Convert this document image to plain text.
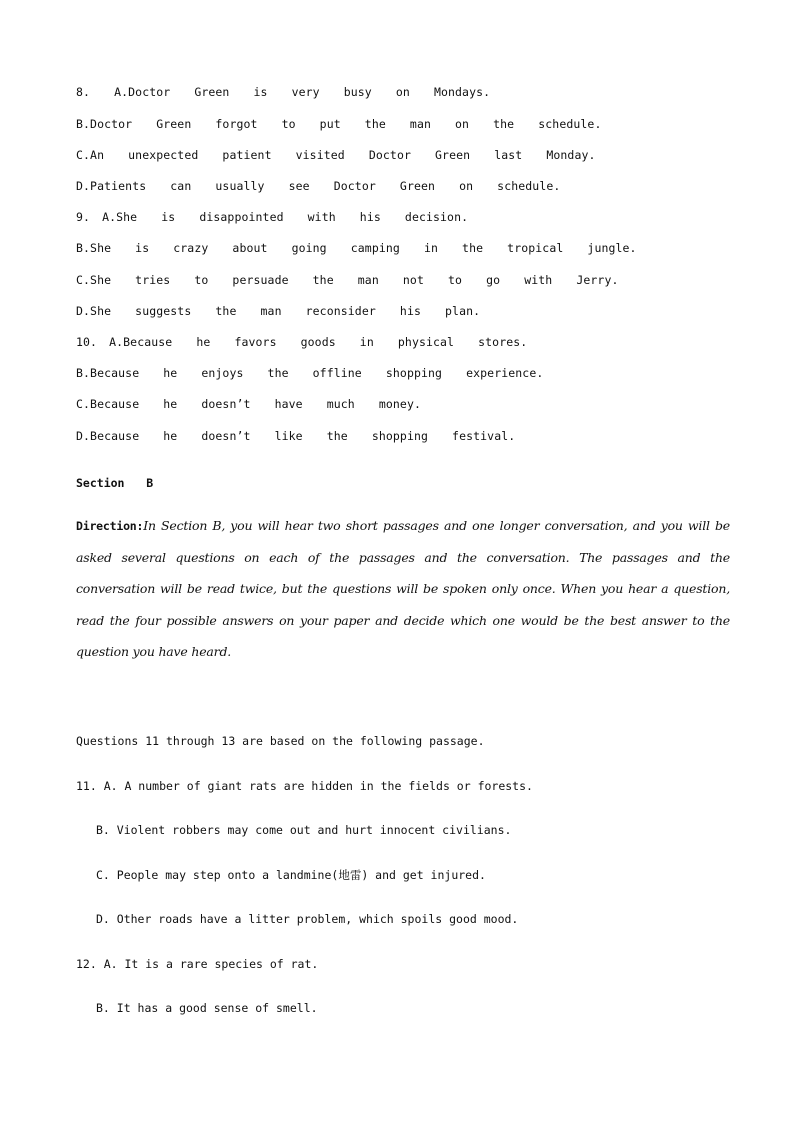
8.  A.Doctor  Green  is  very  busy  on  Mondays.
B.Doctor  Green  forgot  to  put  the  man  on  the  schedule.
C.An  unexpected  patient  visited  Doctor  Green  last  Monday.
D.Patients  can  usually  see  Doctor  Green  on  schedule.
9. A.She  is  disappointed  with  his  decision.
B.She  is  crazy  about  going  camping  in  the  tropical  jungle.
C.She  tries  to  persuade  the  man  not  to  go  with  Jerry.
D.She  suggests  the  man  reconsider  his  plan.
10. A.Because  he  favors  goods  in  physical  stores.
B.Because  he  enjoys  the  offline  shopping  experience.
C.Because  he  doesn’t  have  much  money.
D.Because  he  doesn’t  like  the  shopping  festival.
Section  B
Direction:In Section B, you will hear two short passages and one longer conversation, and you will be asked several questions on each of the passages and the conversation. The passages and the conversation will be read twice, but the questions will be spoken only once. When you hear a question, read the four possible answers on your paper and decide which one would be the best answer to the question you have heard.
Questions 11 through 13 are based on the following passage.
11. A. A number of giant rats are hidden in the fields or forests.
B. Violent robbers may come out and hurt innocent civilians.
C. People may step onto a landmine(地雷) and get injured.
D. Other roads have a litter problem, which spoils good mood.
12. A. It is a rare species of rat.
B. It has a good sense of smell.
